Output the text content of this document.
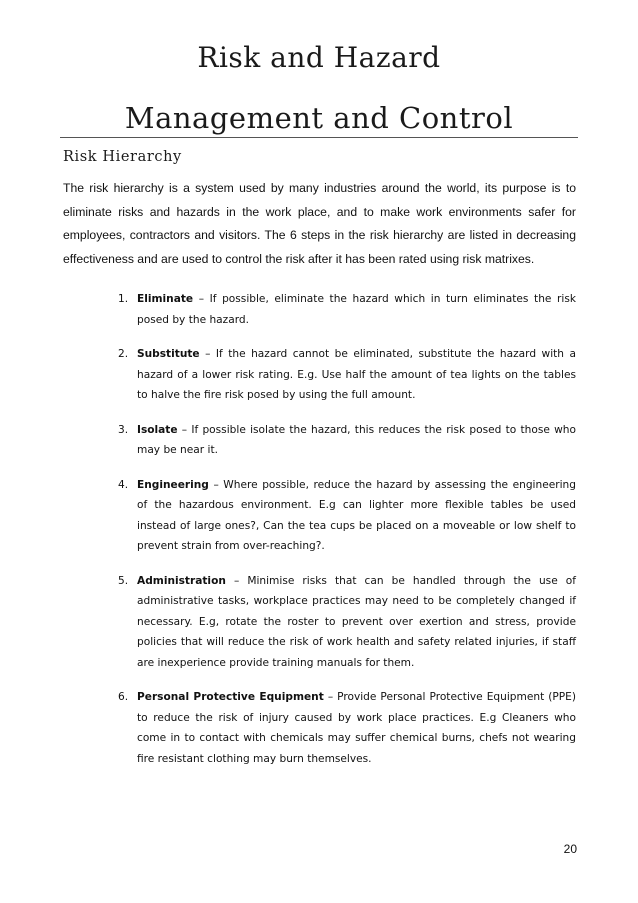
Risk and Hazard
Management and Control
Risk Hierarchy

The risk hierarchy is a system used by many industries around the world, its purpose is to eliminate risks and hazards in the work place, and to make work environments safer for employees, contractors and visitors. The 6 steps in the risk hierarchy are listed in decreasing effectiveness and are used to control the risk after it has been rated using risk matrixes.

1. Eliminate – If possible, eliminate the hazard which in turn eliminates the risk posed by the hazard.
2. Substitute – If the hazard cannot be eliminated, substitute the hazard with a hazard of a lower risk rating. E.g. Use half the amount of tea lights on the tables to halve the fire risk posed by using the full amount.
3. Isolate – If possible isolate the hazard, this reduces the risk posed to those who may be near it.
4. Engineering – Where possible, reduce the hazard by assessing the engineering of the hazardous environment. E.g can lighter more flexible tables be used instead of large ones?, Can the tea cups be placed on a moveable or low shelf to prevent strain from over-reaching?.
5. Administration – Minimise risks that can be handled through the use of administrative tasks, workplace practices may need to be completely changed if necessary. E.g, rotate the roster to prevent over exertion and stress, provide policies that will reduce the risk of work health and safety related injuries, if staff are inexperience provide training manuals for them.
6. Personal Protective Equipment – Provide Personal Protective Equipment (PPE) to reduce the risk of injury caused by work place practices. E.g Cleaners who come in to contact with chemicals may suffer chemical burns, chefs not wearing fire resistant clothing may burn themselves.
20
